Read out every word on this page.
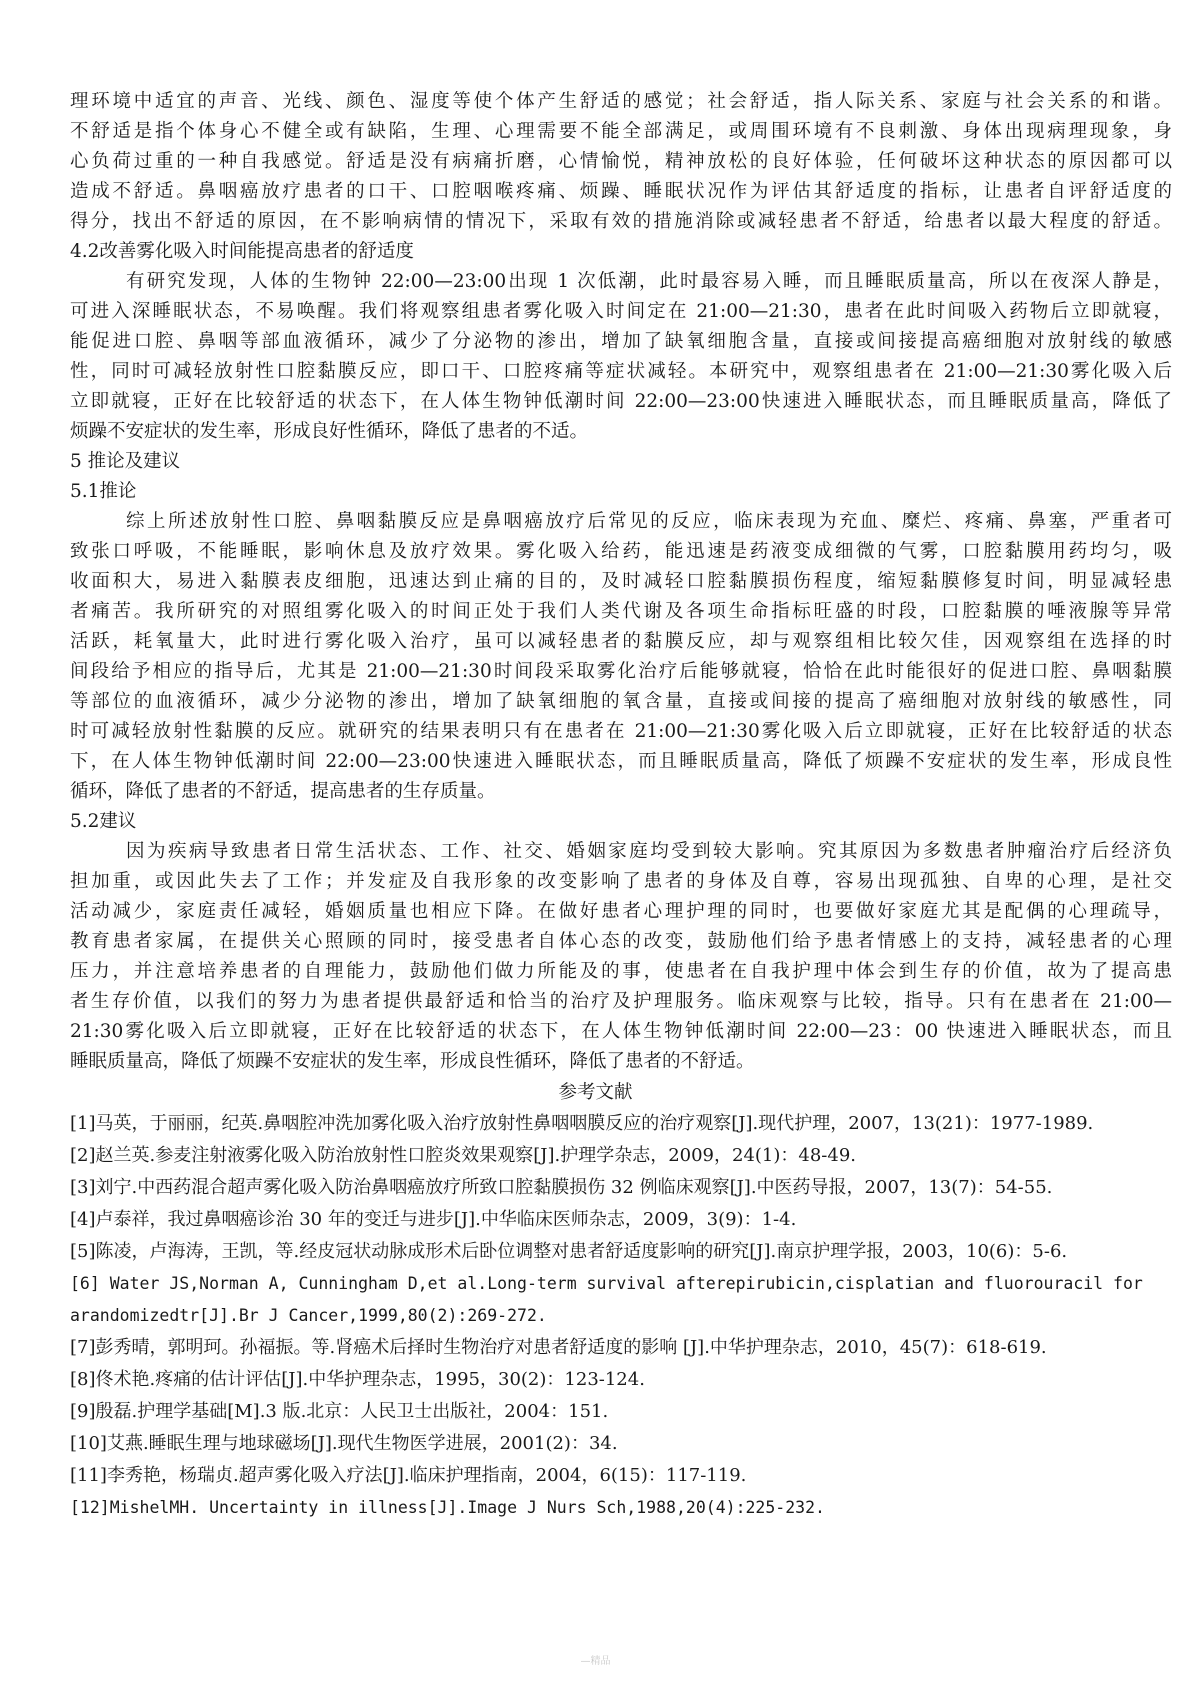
理环境中适宜的声音、光线、颜色、湿度等使个体产生舒适的感觉；社会舒适，指人际关系、家庭与社会关系的和谐。
不舒适是指个体身心不健全或有缺陷，生理、心理需要不能全部满足，或周围环境有不良刺激、身体出现病理现象，身
心负荷过重的一种自我感觉。舒适是没有病痛折磨，心情愉悦，精神放松的良好体验，任何破坏这种状态的原因都可以
造成不舒适。鼻咽癌放疗患者的口干、口腔咽喉疼痛、烦躁、睡眠状况作为评估其舒适度的指标，让患者自评舒适度的
得分，找出不舒适的原因，在不影响病情的情况下，采取有效的措施消除或减轻患者不舒适，给患者以最大程度的舒适。
4.2改善雾化吸入时间能提高患者的舒适度
有研究发现，人体的生物钟 22:00—23:00出现 1 次低潮，此时最容易入睡，而且睡眠质量高，所以在夜深人静是，
可进入深睡眠状态，不易唤醒。我们将观察组患者雾化吸入时间定在 21:00—21:30，患者在此时间吸入药物后立即就寝，
能促进口腔、鼻咽等部血液循环，减少了分泌物的渗出，增加了缺氧细胞含量，直接或间接提高癌细胞对放射线的敏感
性，同时可减轻放射性口腔黏膜反应，即口干、口腔疼痛等症状减轻。本研究中，观察组患者在 21:00—21:30雾化吸入后
立即就寝，正好在比较舒适的状态下，在人体生物钟低潮时间 22:00—23:00快速进入睡眠状态，而且睡眠质量高，降低了
烦躁不安症状的发生率，形成良好性循环，降低了患者的不适。
5 推论及建议
5.1推论
综上所述放射性口腔、鼻咽黏膜反应是鼻咽癌放疗后常见的反应，临床表现为充血、糜烂、疼痛、鼻塞，严重者可
致张口呼吸，不能睡眠，影响休息及放疗效果。雾化吸入给药，能迅速是药液变成细微的气雾，口腔黏膜用药均匀，吸
收面积大，易进入黏膜表皮细胞，迅速达到止痛的目的，及时减轻口腔黏膜损伤程度，缩短黏膜修复时间，明显减轻患
者痛苦。我所研究的对照组雾化吸入的时间正处于我们人类代谢及各项生命指标旺盛的时段，口腔黏膜的唾液腺等异常
活跃，耗氧量大，此时进行雾化吸入治疗，虽可以减轻患者的黏膜反应，却与观察组相比较欠佳，因观察组在选择的时
间段给予相应的指导后，尤其是 21:00—21:30时间段采取雾化治疗后能够就寝，恰恰在此时能很好的促进口腔、鼻咽黏膜
等部位的血液循环，减少分泌物的渗出，增加了缺氧细胞的氧含量，直接或间接的提高了癌细胞对放射线的敏感性，同
时可减轻放射性黏膜的反应。就研究的结果表明只有在患者在 21:00—21:30雾化吸入后立即就寝，正好在比较舒适的状态
下，在人体生物钟低潮时间 22:00—23:00快速进入睡眠状态，而且睡眠质量高，降低了烦躁不安症状的发生率，形成良性
循环，降低了患者的不舒适，提高患者的生存质量。
5.2建议
因为疾病导致患者日常生活状态、工作、社交、婚姻家庭均受到较大影响。究其原因为多数患者肿瘤治疗后经济负
担加重，或因此失去了工作；并发症及自我形象的改变影响了患者的身体及自尊，容易出现孤独、自卑的心理，是社交
活动减少，家庭责任减轻，婚姻质量也相应下降。在做好患者心理护理的同时，也要做好家庭尤其是配偶的心理疏导，
教育患者家属，在提供关心照顾的同时，接受患者自体心态的改变，鼓励他们给予患者情感上的支持，减轻患者的心理
压力，并注意培养患者的自理能力，鼓励他们做力所能及的事，使患者在自我护理中体会到生存的价值，故为了提高患
者生存价值，以我们的努力为患者提供最舒适和恰当的治疗及护理服务。临床观察与比较，指导。只有在患者在 21:00—
21:30雾化吸入后立即就寝，正好在比较舒适的状态下，在人体生物钟低潮时间 22:00—23：00 快速进入睡眠状态，而且
睡眠质量高，降低了烦躁不安症状的发生率，形成良性循环，降低了患者的不舒适。
参考文献
[1]马英，于丽丽，纪英.鼻咽腔冲洗加雾化吸入治疗放射性鼻咽咽膜反应的治疗观察[J].现代护理，2007，13(21)：1977-1989.
[2]赵兰英.参麦注射液雾化吸入防治放射性口腔炎效果观察[J].护理学杂志，2009，24(1)：48-49.
[3]刘宁.中西药混合超声雾化吸入防治鼻咽癌放疗所致口腔黏膜损伤 32 例临床观察[J].中医药导报，2007，13(7)：54-55.
[4]卢泰祥，我过鼻咽癌诊治 30 年的变迁与进步[J].中华临床医师杂志，2009，3(9)：1-4.
[5]陈凌，卢海涛，王凯，等.经皮冠状动脉成形术后卧位调整对患者舒适度影响的研究[J].南京护理学报，2003，10(6)：5-6.
[6] Water JS,Norman A, Cunningham D,et al.Long-term survival afterepirubicin,cisplatian and fluorouracil for
arandomizedtr[J].Br J Cancer,1999,80(2):269-272.
[7]彭秀晴，郭明珂。孙福振。等.肾癌术后择时生物治疗对患者舒适度的影响 [J].中华护理杂志，2010，45(7)：618-619.
[8]佟术艳.疼痛的估计评估[J].中华护理杂志，1995，30(2)：123-124.
[9]殷磊.护理学基础[M].3 版.北京：人民卫士出版社，2004：151.
[10]艾燕.睡眠生理与地球磁场[J].现代生物医学进展，2001(2)：34.
[11]李秀艳，杨瑞贞.超声雾化吸入疗法[J].临床护理指南，2004，6(15)：117-119.
[12]MishelMH. Uncertainty in illness[J].Image J Nurs Sch,1988,20(4):225-232.
—精品
